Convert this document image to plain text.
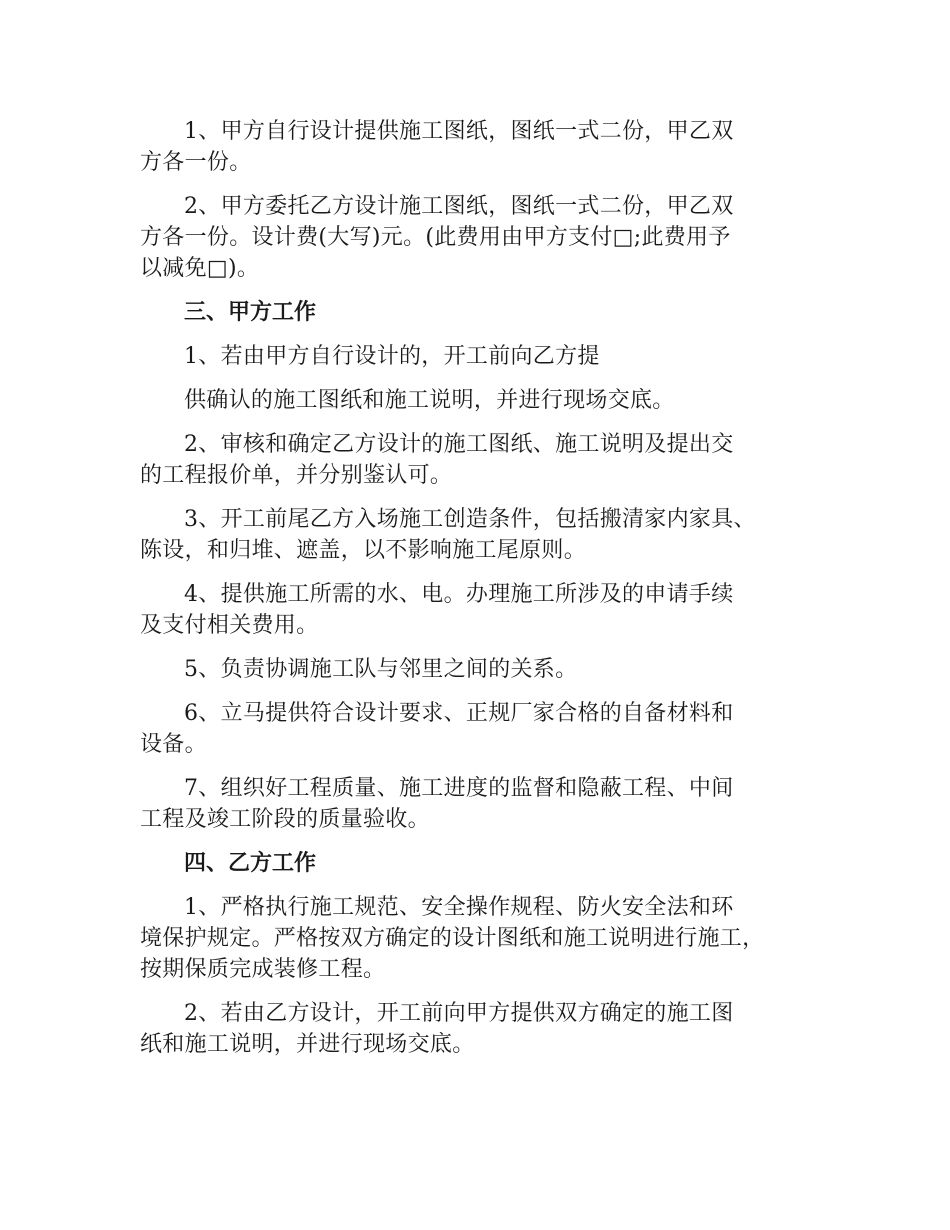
1、甲方自行设计提供施工图纸，图纸一式二份，甲乙双
方各一份。

2、甲方委托乙方设计施工图纸，图纸一式二份，甲乙双
方各一份。设计费(大写)元。(此费用由甲方支付□;此费用予
以减免□)。

三、甲方工作

1、若由甲方自行设计的，开工前向乙方提

供确认的施工图纸和施工说明，并进行现场交底。

2、审核和确定乙方设计的施工图纸、施工说明及提出交
的工程报价单，并分别鉴认可。

3、开工前尾乙方入场施工创造条件，包括搬清家内家具、
陈设，和归堆、遮盖，以不影响施工尾原则。

4、提供施工所需的水、电。办理施工所涉及的申请手续
及支付相关费用。

5、负责协调施工队与邻里之间的关系。

6、立马提供符合设计要求、正规厂家合格的自备材料和
设备。

7、组织好工程质量、施工进度的监督和隐蔽工程、中间
工程及竣工阶段的质量验收。

四、乙方工作

1、严格执行施工规范、安全操作规程、防火安全法和环
境保护规定。严格按双方确定的设计图纸和施工说明进行施工，
按期保质完成装修工程。

2、若由乙方设计，开工前向甲方提供双方确定的施工图
纸和施工说明，并进行现场交底。
